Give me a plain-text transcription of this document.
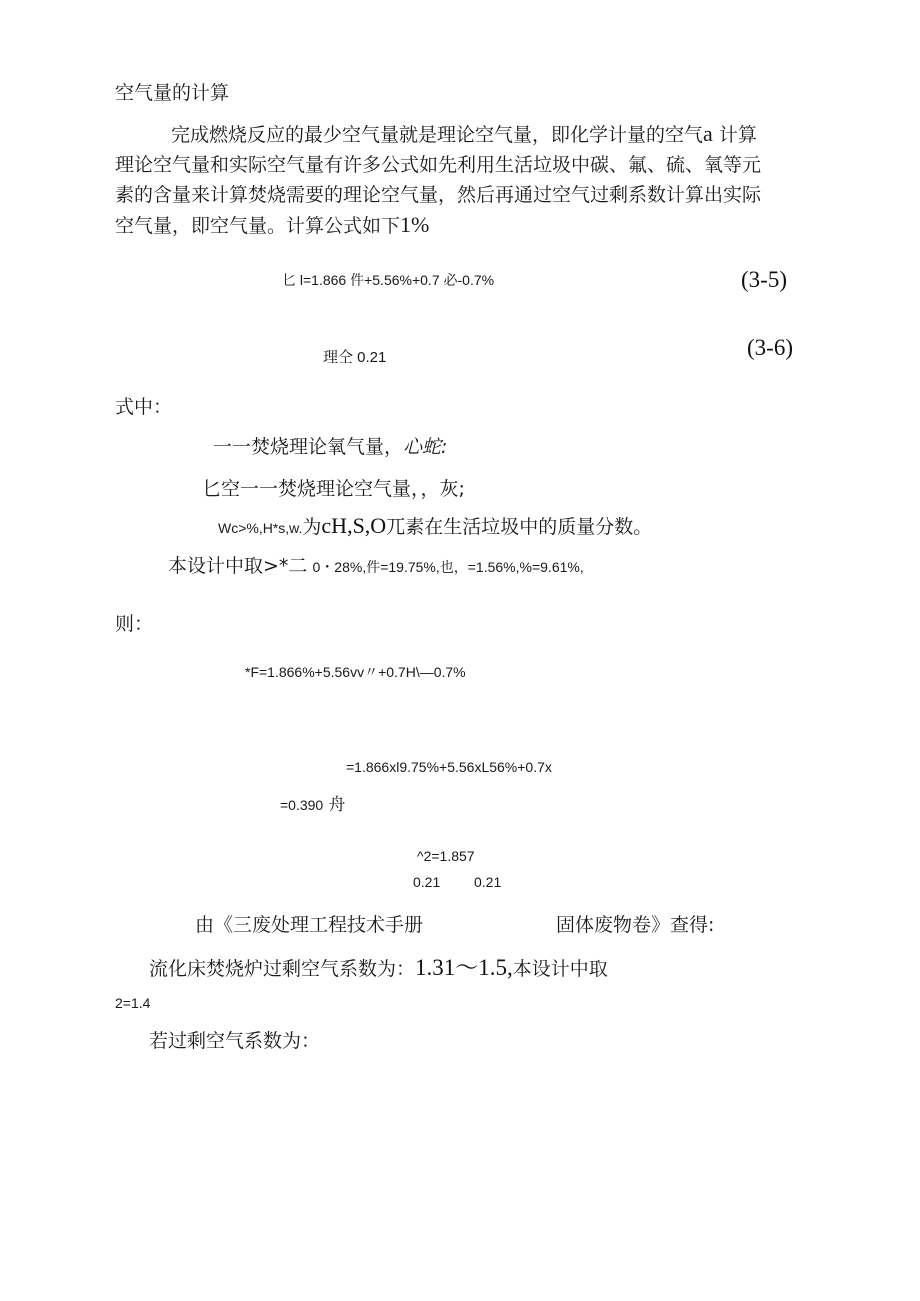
空气量的计算

完成燃烧反应的最少空气量就是理论空气量，即化学计量的空气a 计算

理论空气量和实际空气量有许多公式如先利用生活垃圾中碳、氟、硫、氧等元

素的含量来计算焚烧需要的理论空气量，然后再通过空气过剩系数计算出实际

空气量，即空气量。计算公式如下1%

匕 l=1.866 件+5.56%+0.7 必-0.7%	(3-5)
理仝 0.21	(3-6)
式中：
一一焚烧理论氧气量，心蛇:
匕空一一焚烧理论空气量，，灰;
Wc>%,H*s,w.为cH,S,O兀素在生活垃圾中的质量分数。
本设计中取>*二 0・28%,件=19.75%,也，=1.56%,%=9.61%,
则：
*F=1.866%+5.56vv〃+0.7H\—0.7%
=1.866xl9.75%+5.56xL56%+0.7x
=0.390 舟
^2=1.857
0.21 0.21
由《三废处理工程技术手册	固体废物卷》查得:
流化床焚烧炉过剩空气系数为：1.31～1.5,本设计中取
2=1.4
若过剩空气系数为：
